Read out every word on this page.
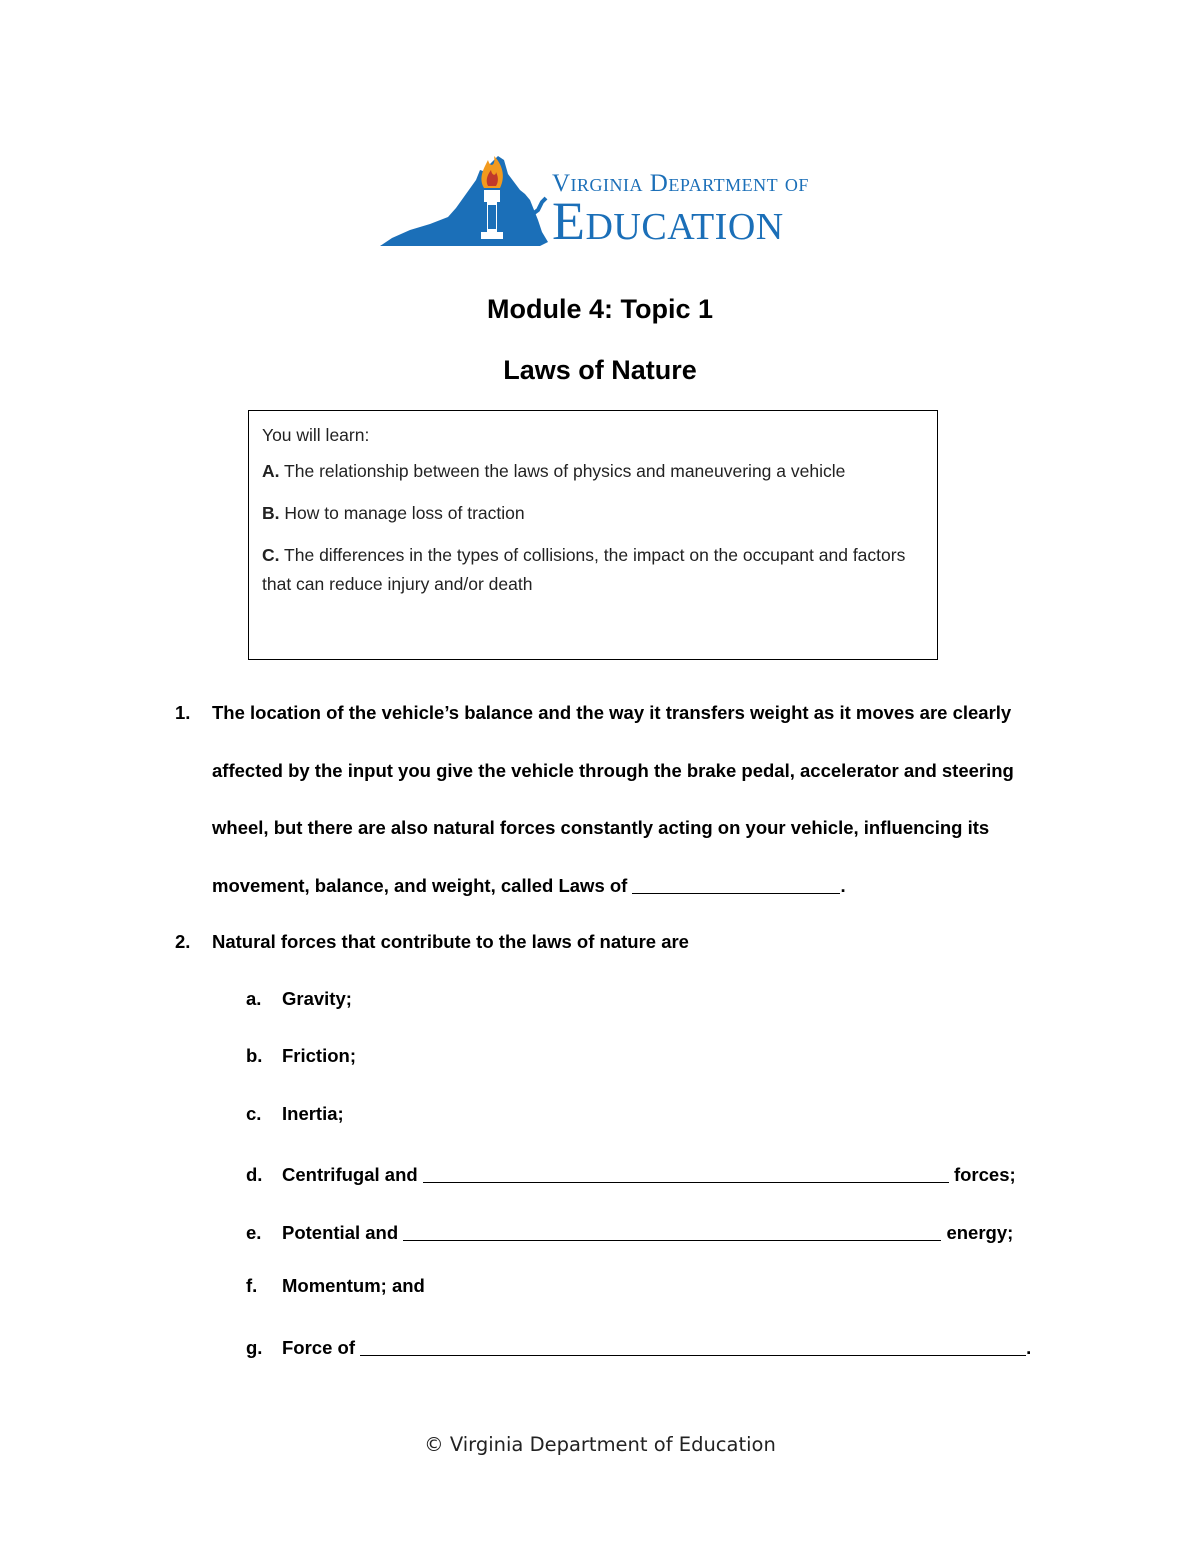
Virginia Department of
Education
Module 4: Topic 1
Laws of Nature

You will learn:

A. The relationship between the laws of physics and maneuvering a vehicle

B. How to manage loss of traction

C. The differences in the types of collisions, the impact on the occupant and factors that can reduce injury and/or death

1. The location of the vehicle’s balance and the way it transfers weight as it moves are clearly affected by the input you give the vehicle through the brake pedal, accelerator and steering wheel, but there are also natural forces constantly acting on your vehicle, influencing its movement, balance, and weight, called Laws of	.
2. Natural forces that contribute to the laws of nature are
a. Gravity;
b. Friction;
c. Inertia;
d. Centrifugal and	forces;
e. Potential and	energy;
f. Momentum; and
g. Force of	.
© Virginia Department of Education
